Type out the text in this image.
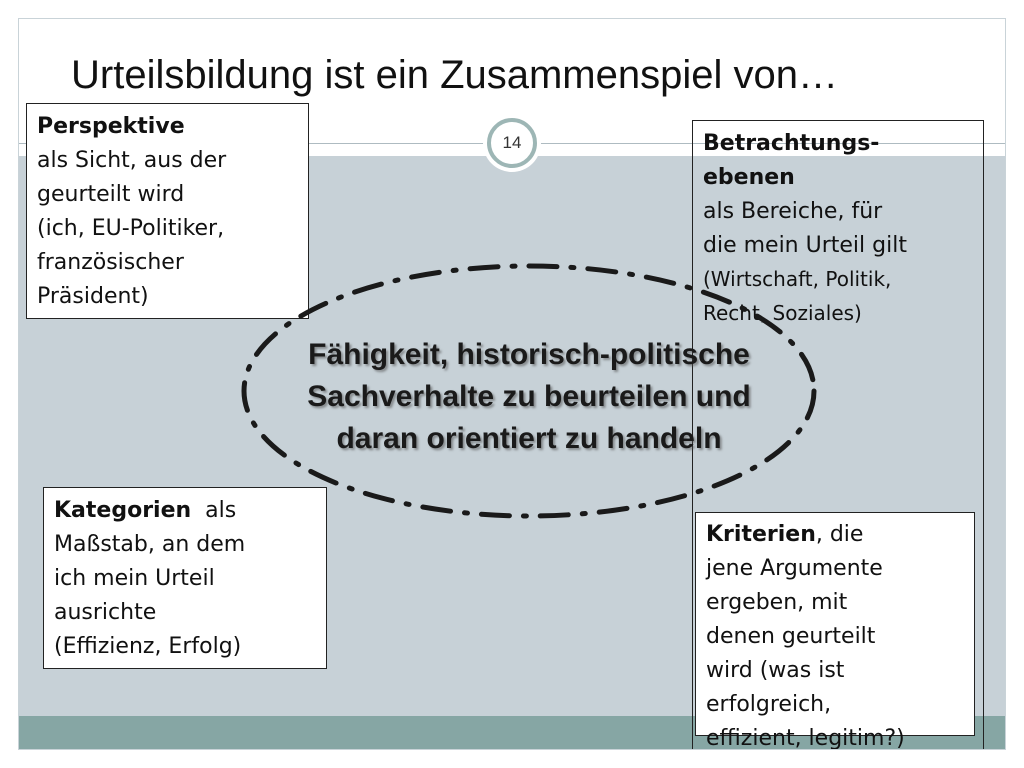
Urteilsbildung ist ein Zusammenspiel von…
14	Betrachtungs-
ebenen
als Bereiche, für
die mein Urteil gilt
(Wirtschaft, Politik,
Recht, Soziales)
Perspektive
als Sicht, aus der
geurteilt wird
(ich, EU-Politiker,
französischer
Präsident)
Kategorien  als
Maßstab, an dem
ich mein Urteil
ausrichte
(Effizienz, Erfolg)
Kriterien, die
jene Argumente
ergeben, mit
denen geurteilt
wird (was ist
erfolgreich,
effizient, legitim?)

Fähigkeit, historisch-politische
Sachverhalte zu beurteilen und
daran orientiert zu handeln
